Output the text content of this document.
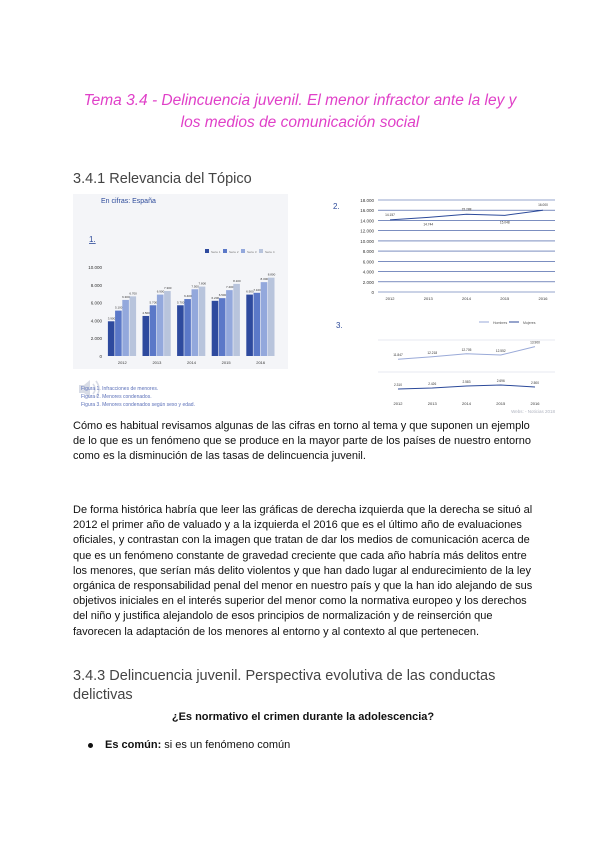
Tema 3.4 - Delincuencia juvenil. El menor infractor ante la ley y
los medios de comunicación social
3.4.1 Relevancia del Tópico
En cifras: España
1.
2.
3.
0
2.000
4.000
6.000
8.000
10.000
Serie 1	Serie 2	Serie 3	Serie 4
3.900
5.100
6.300
6.700
2012
4.500
5.700
6.900
7.300
2013
5.700
6.400
7.500
7.800
2014
6.200
6.500
7.400
8.100
2015
6.900 7.100
8.300
8.800
2016
0
2.000
4.000
6.000
8.000
10.000
12.000
14.000
16.000
18.000
14.157
14.744
15.288
15.048
16.000
2012	2013	2014	2015	2016
Hombres	Mujeres
11.847
12.218
12.705	12.552
13.900
2.310	2.426	2.583	2.696	2.500
2012	2013	2014	2015	2016
Figura 1. Infracciones de menores.
Figura 2. Menores condenados.
Figura 3. Menores condenados según sexo y edad.
Webs: - Noticias 2018
Cómo es habitual revisamos algunas de las cifras en torno al tema y que suponen un ejemplo de lo que es un fenómeno que se produce en la mayor parte de los países de nuestro entorno como es la disminución de las tasas de delincuencia juvenil.
De forma histórica habría que leer las gráficas de derecha izquierda que la derecha se situó al 2012 el primer año de valuado y a la izquierda el 2016 que es el último año de evaluaciones oficiales, y contrastan con la imagen que tratan de dar los medios de comunicación acerca de que es un fenómeno constante de gravedad creciente que cada año habría más delitos entre los menores, que serían más delito violentos y que han dado lugar al endurecimiento de la ley orgánica de responsabilidad penal del menor en nuestro país y que la han ido alejando de sus objetivos iniciales en el interés superior del menor como la normativa europeo y los derechos del niño y justifica alejandolo de esos principios de normalización y de reinserción que favorecen la adaptación de los menores al entorno y al contexto al que pertenecen.
3.4.3 Delincuencia juvenil. Perspectiva evolutiva de las conductas
delictivas
¿Es normativo el crimen durante la adolescencia?
Es común: si es un fenómeno común
